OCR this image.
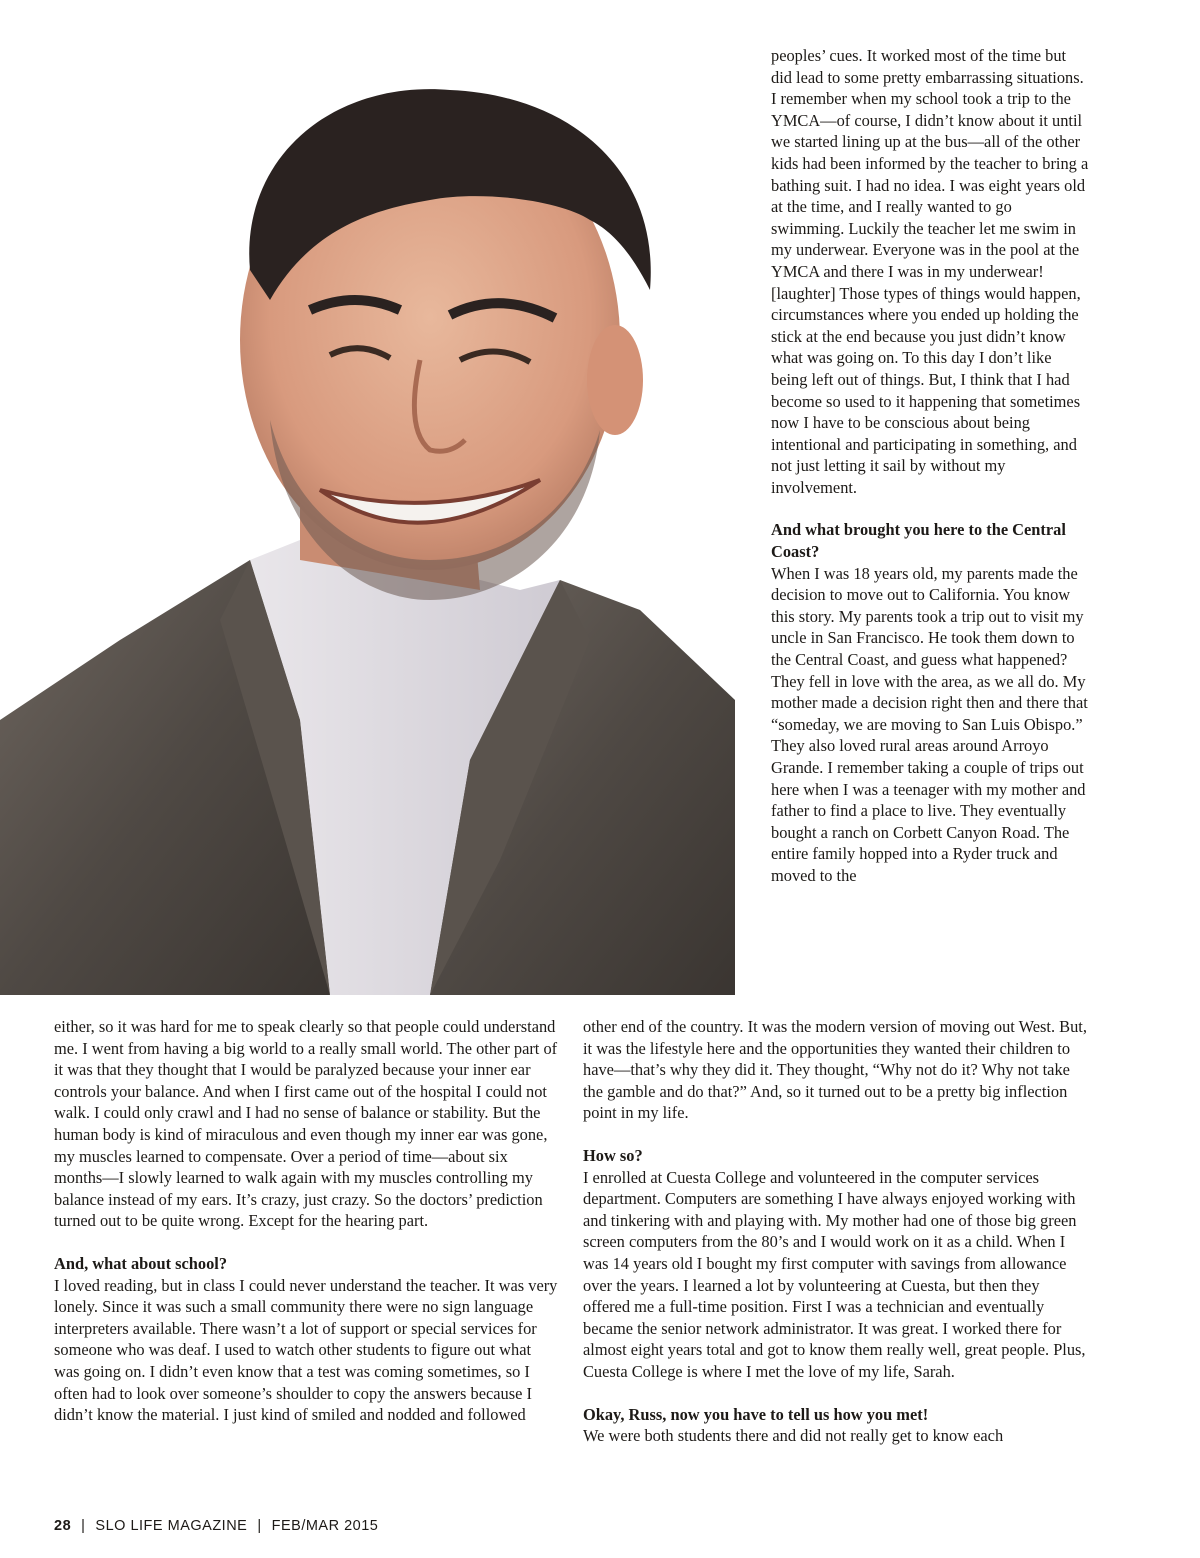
peoples’ cues. It worked most of the time but did lead to some pretty embarrassing situations. I remember when my school took a trip to the YMCA—of course, I didn’t know about it until we started lining up at the bus—all of the other kids had been informed by the teacher to bring a bathing suit. I had no idea. I was eight years old at the time, and I really wanted to go swimming. Luckily the teacher let me swim in my underwear. Everyone was in the pool at the YMCA and there I was in my underwear! [laughter] Those types of things would happen, circumstances where you ended up holding the stick at the end because you just didn’t know what was going on. To this day I don’t like being left out of things. But, I think that I had become so used to it happening that sometimes now I have to be conscious about being intentional and participating in something, and not just letting it sail by without my involvement.

And what brought you here to the Central Coast?

When I was 18 years old, my parents made the decision to move out to California. You know this story. My parents took a trip out to visit my uncle in San Francisco. He took them down to the Central Coast, and guess what happened? They fell in love with the area, as we all do. My mother made a decision right then and there that “someday, we are moving to San Luis Obispo.” They also loved rural areas around Arroyo Grande. I remember taking a couple of trips out here when I was a teenager with my mother and father to find a place to live. They eventually bought a ranch on Corbett Canyon Road. The entire family hopped into a Ryder truck and moved to the

either, so it was hard for me to speak clearly so that people could understand me. I went from having a big world to a really small world. The other part of it was that they thought that I would be paralyzed because your inner ear controls your balance. And when I first came out of the hospital I could not walk. I could only crawl and I had no sense of balance or stability. But the human body is kind of miraculous and even though my inner ear was gone, my muscles learned to compensate. Over a period of time—about six months—I slowly learned to walk again with my muscles controlling my balance instead of my ears. It’s crazy, just crazy. So the doctors’ prediction turned out to be quite wrong. Except for the hearing part.

And, what about school?

I loved reading, but in class I could never understand the teacher. It was very lonely. Since it was such a small community there were no sign language interpreters available. There wasn’t a lot of support or special services for someone who was deaf. I used to watch other students to figure out what was going on. I didn’t even know that a test was coming sometimes, so I often had to look over someone’s shoulder to copy the answers because I didn’t know the material. I just kind of smiled and nodded and followed

other end of the country. It was the modern version of moving out West. But, it was the lifestyle here and the opportunities they wanted their children to have—that’s why they did it. They thought, “Why not do it? Why not take the gamble and do that?” And, so it turned out to be a pretty big inflection point in my life.

How so?

I enrolled at Cuesta College and volunteered in the computer services department. Computers are something I have always enjoyed working with and tinkering with and playing with. My mother had one of those big green screen computers from the 80’s and I would work on it as a child. When I was 14 years old I bought my first computer with savings from allowance over the years. I learned a lot by volunteering at Cuesta, but then they offered me a full-time position. First I was a technician and eventually became the senior network administrator. It was great. I worked there for almost eight years total and got to know them really well, great people. Plus, Cuesta College is where I met the love of my life, Sarah.

Okay, Russ, now you have to tell us how you met!

We were both students there and did not really get to know each

28 | SLO LIFE MAGAZINE | FEB/MAR 2015
